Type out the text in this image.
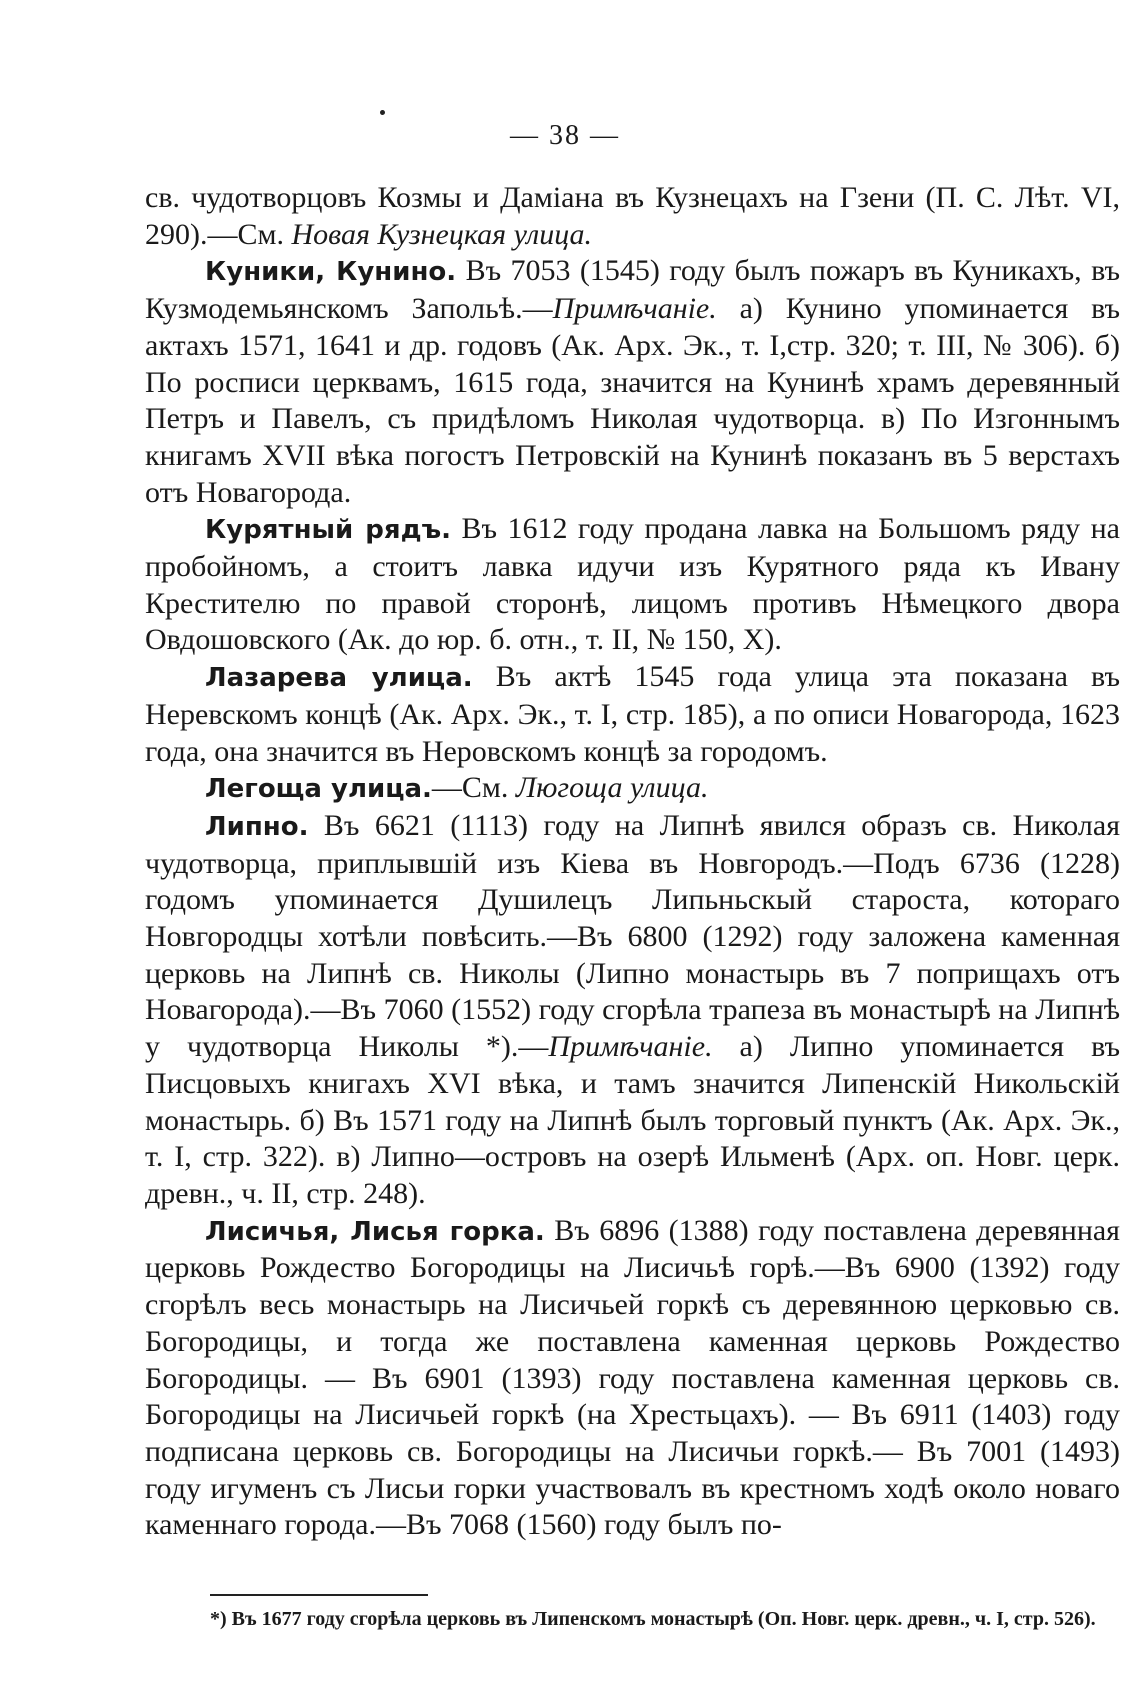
— 38 —

св. чудотворцовъ Козмы и Даміана въ Кузнецахъ на Гзени (П. С. Лѣт. VI, 290).—См. Новая Кузнецкая улица.

Куники, Кунино. Въ 7053 (1545) году былъ пожаръ въ Куникахъ, въ Кузмодемьянскомъ Запольѣ.—Примѣчаніе. а) Кунино упоминается въ актахъ 1571, 1641 и др. годовъ (Ак. Арх. Эк., т. I,стр. 320; т. III, № 306). б) По росписи церквамъ, 1615 года, значится на Кунинѣ храмъ деревянный Петръ и Павелъ, съ придѣломъ Николая чудотворца. в) По Изгоннымъ книгамъ XVII вѣка погостъ Петровскій на Кунинѣ показанъ въ 5 верстахъ отъ Новагорода.

Курятный рядъ. Въ 1612 году продана лавка на Большомъ ряду на пробойномъ, а стоитъ лавка идучи изъ Курятного ряда къ Ивану Крестителю по правой сторонѣ, лицомъ противъ Нѣмецкого двора Овдошовского (Ак. до юр. б. отн., т. II, № 150, X).

Лазарева улица. Въ актѣ 1545 года улица эта показана въ Неревскомъ концѣ (Ак. Арх. Эк., т. I, стр. 185), а по описи Новагорода, 1623 года, она значится въ Неровскомъ концѣ за городомъ.

Легоща улица.—См. Люгоща улица.

Липно. Въ 6621 (1113) году на Липнѣ явился образъ св. Николая чудотворца, приплывшій изъ Кіева въ Новгородъ.—Подъ 6736 (1228) годомъ упоминается Душилецъ Липьньскый староста, котораго Новгородцы хотѣли повѣсить.—Въ 6800 (1292) году заложена каменная церковь на Липнѣ св. Николы (Липно монастырь въ 7 поприщахъ отъ Новагорода).—Въ 7060 (1552) году сгорѣла трапеза въ монастырѣ на Липнѣ у чудотворца Николы *).—Примѣчаніе. а) Липно упоминается въ Писцовыхъ книгахъ XVI вѣка, и тамъ значится Липенскій Никольскій монастырь. б) Въ 1571 году на Липнѣ былъ торговый пунктъ (Ак. Арх. Эк., т. I, стр. 322). в) Липно—островъ на озерѣ Ильменѣ (Арх. оп. Новг. церк. древн., ч. II, стр. 248).

Лисичья, Лисья горка. Въ 6896 (1388) году поставлена деревянная церковь Рождество Богородицы на Лисичьѣ горѣ.—Въ 6900 (1392) году сгорѣлъ весь монастырь на Лисичьей горкѣ съ деревянною церковью св. Богородицы, и тогда же поставлена каменная церковь Рождество Богородицы. — Въ 6901 (1393) году поставлена каменная церковь св. Богородицы на Лисичьей горкѣ (на Хрестьцахъ). — Въ 6911 (1403) году подписана церковь св. Богородицы на Лисичьи горкѣ.— Въ 7001 (1493) году игуменъ съ Лисьи горки участвовалъ въ крестномъ ходѣ около новаго каменнаго города.—Въ 7068 (1560) году былъ по-

*) Въ 1677 году сгорѣла церковь въ Липенскомъ монастырѣ (Оп. Новг. церк. древн., ч. I, стр. 526).
